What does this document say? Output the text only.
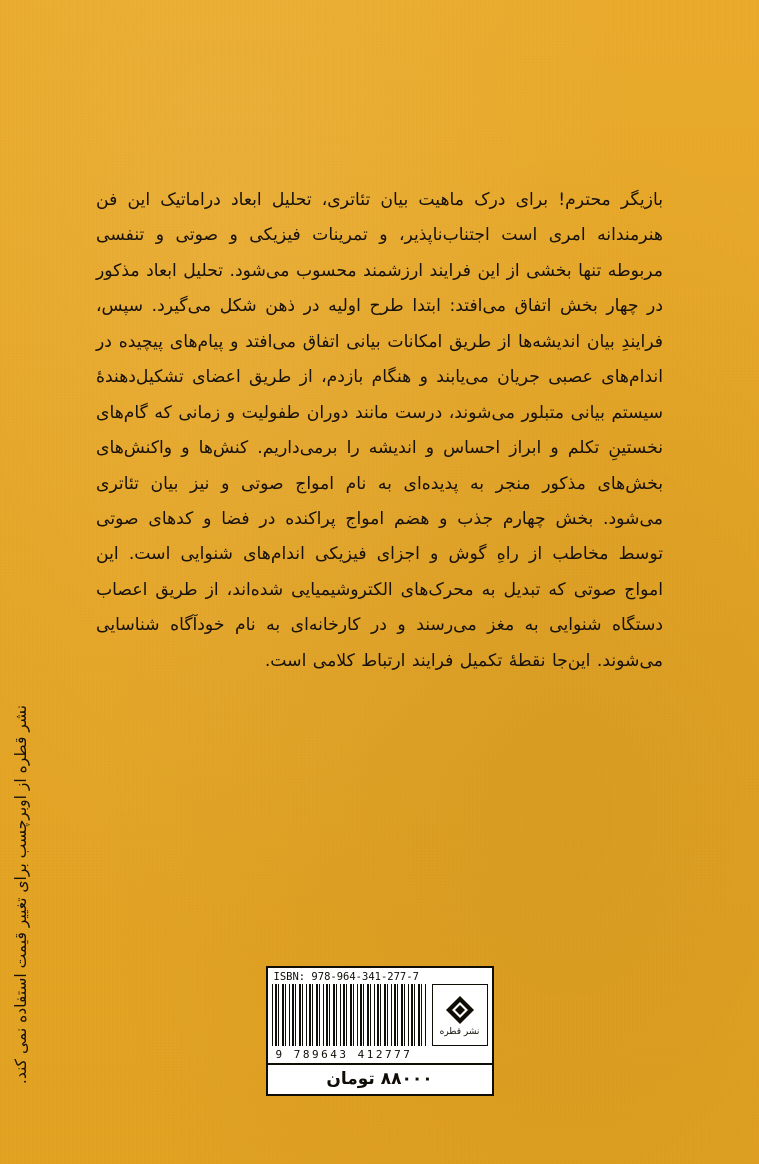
بازیگر محترم! برای درک ماهیت بیان تئاتری، تحلیل ابعاد دراماتیک این فن هنرمندانه امری است اجتناب‌ناپذیر، و تمرینات فیزیکی و صوتی و تنفسی مربوطه تنها بخشی از این فرایند ارزشمند محسوب می‌شود. تحلیل ابعاد مذکور در چهار بخش اتفاق می‌افتد: ابتدا طرح اولیه در ذهن شکل می‌گیرد. سپس، فرایندِ بیان اندیشه‌ها از طریق امکانات بیانی اتفاق می‌افتد و پیام‌های پیچیده در اندام‌های عصبی جریان می‌یابند و هنگام بازدم، از طریق اعضای تشکیل‌دهندۀ سیستم بیانی متبلور می‌شوند، درست مانند دوران طفولیت و زمانی که گام‌های نخستینِ تکلم و ابراز احساس و اندیشه را برمی‌داریم. کنش‌ها و واکنش‌های بخش‌های مذکور منجر به پدیده‌ای به نام امواج صوتی و نیز بیان تئاتری می‌شود. بخش چهارم جذب و هضم امواج پراکنده در فضا و کدهای صوتی توسط مخاطب از راهِ گوش و اجزای فیزیکی اندام‌های شنوایی است. این امواج صوتی که تبدیل به محرک‌های الکتروشیمیایی شده‌اند، از طریق اعصاب دستگاه شنوایی به مغز می‌رسند و در کارخانه‌ای به نام خودآگاه شناسایی می‌شوند. این‌جا نقطۀ تکمیل فرایند ارتباط کلامی است.

نشر قطره از اوبرچسب برای تغییر قیمت استفاده نمی کند.	ISBN: 978-964-341-277-7
نشر قطره
9 789643 412777
۸۸۰۰۰ تومان
